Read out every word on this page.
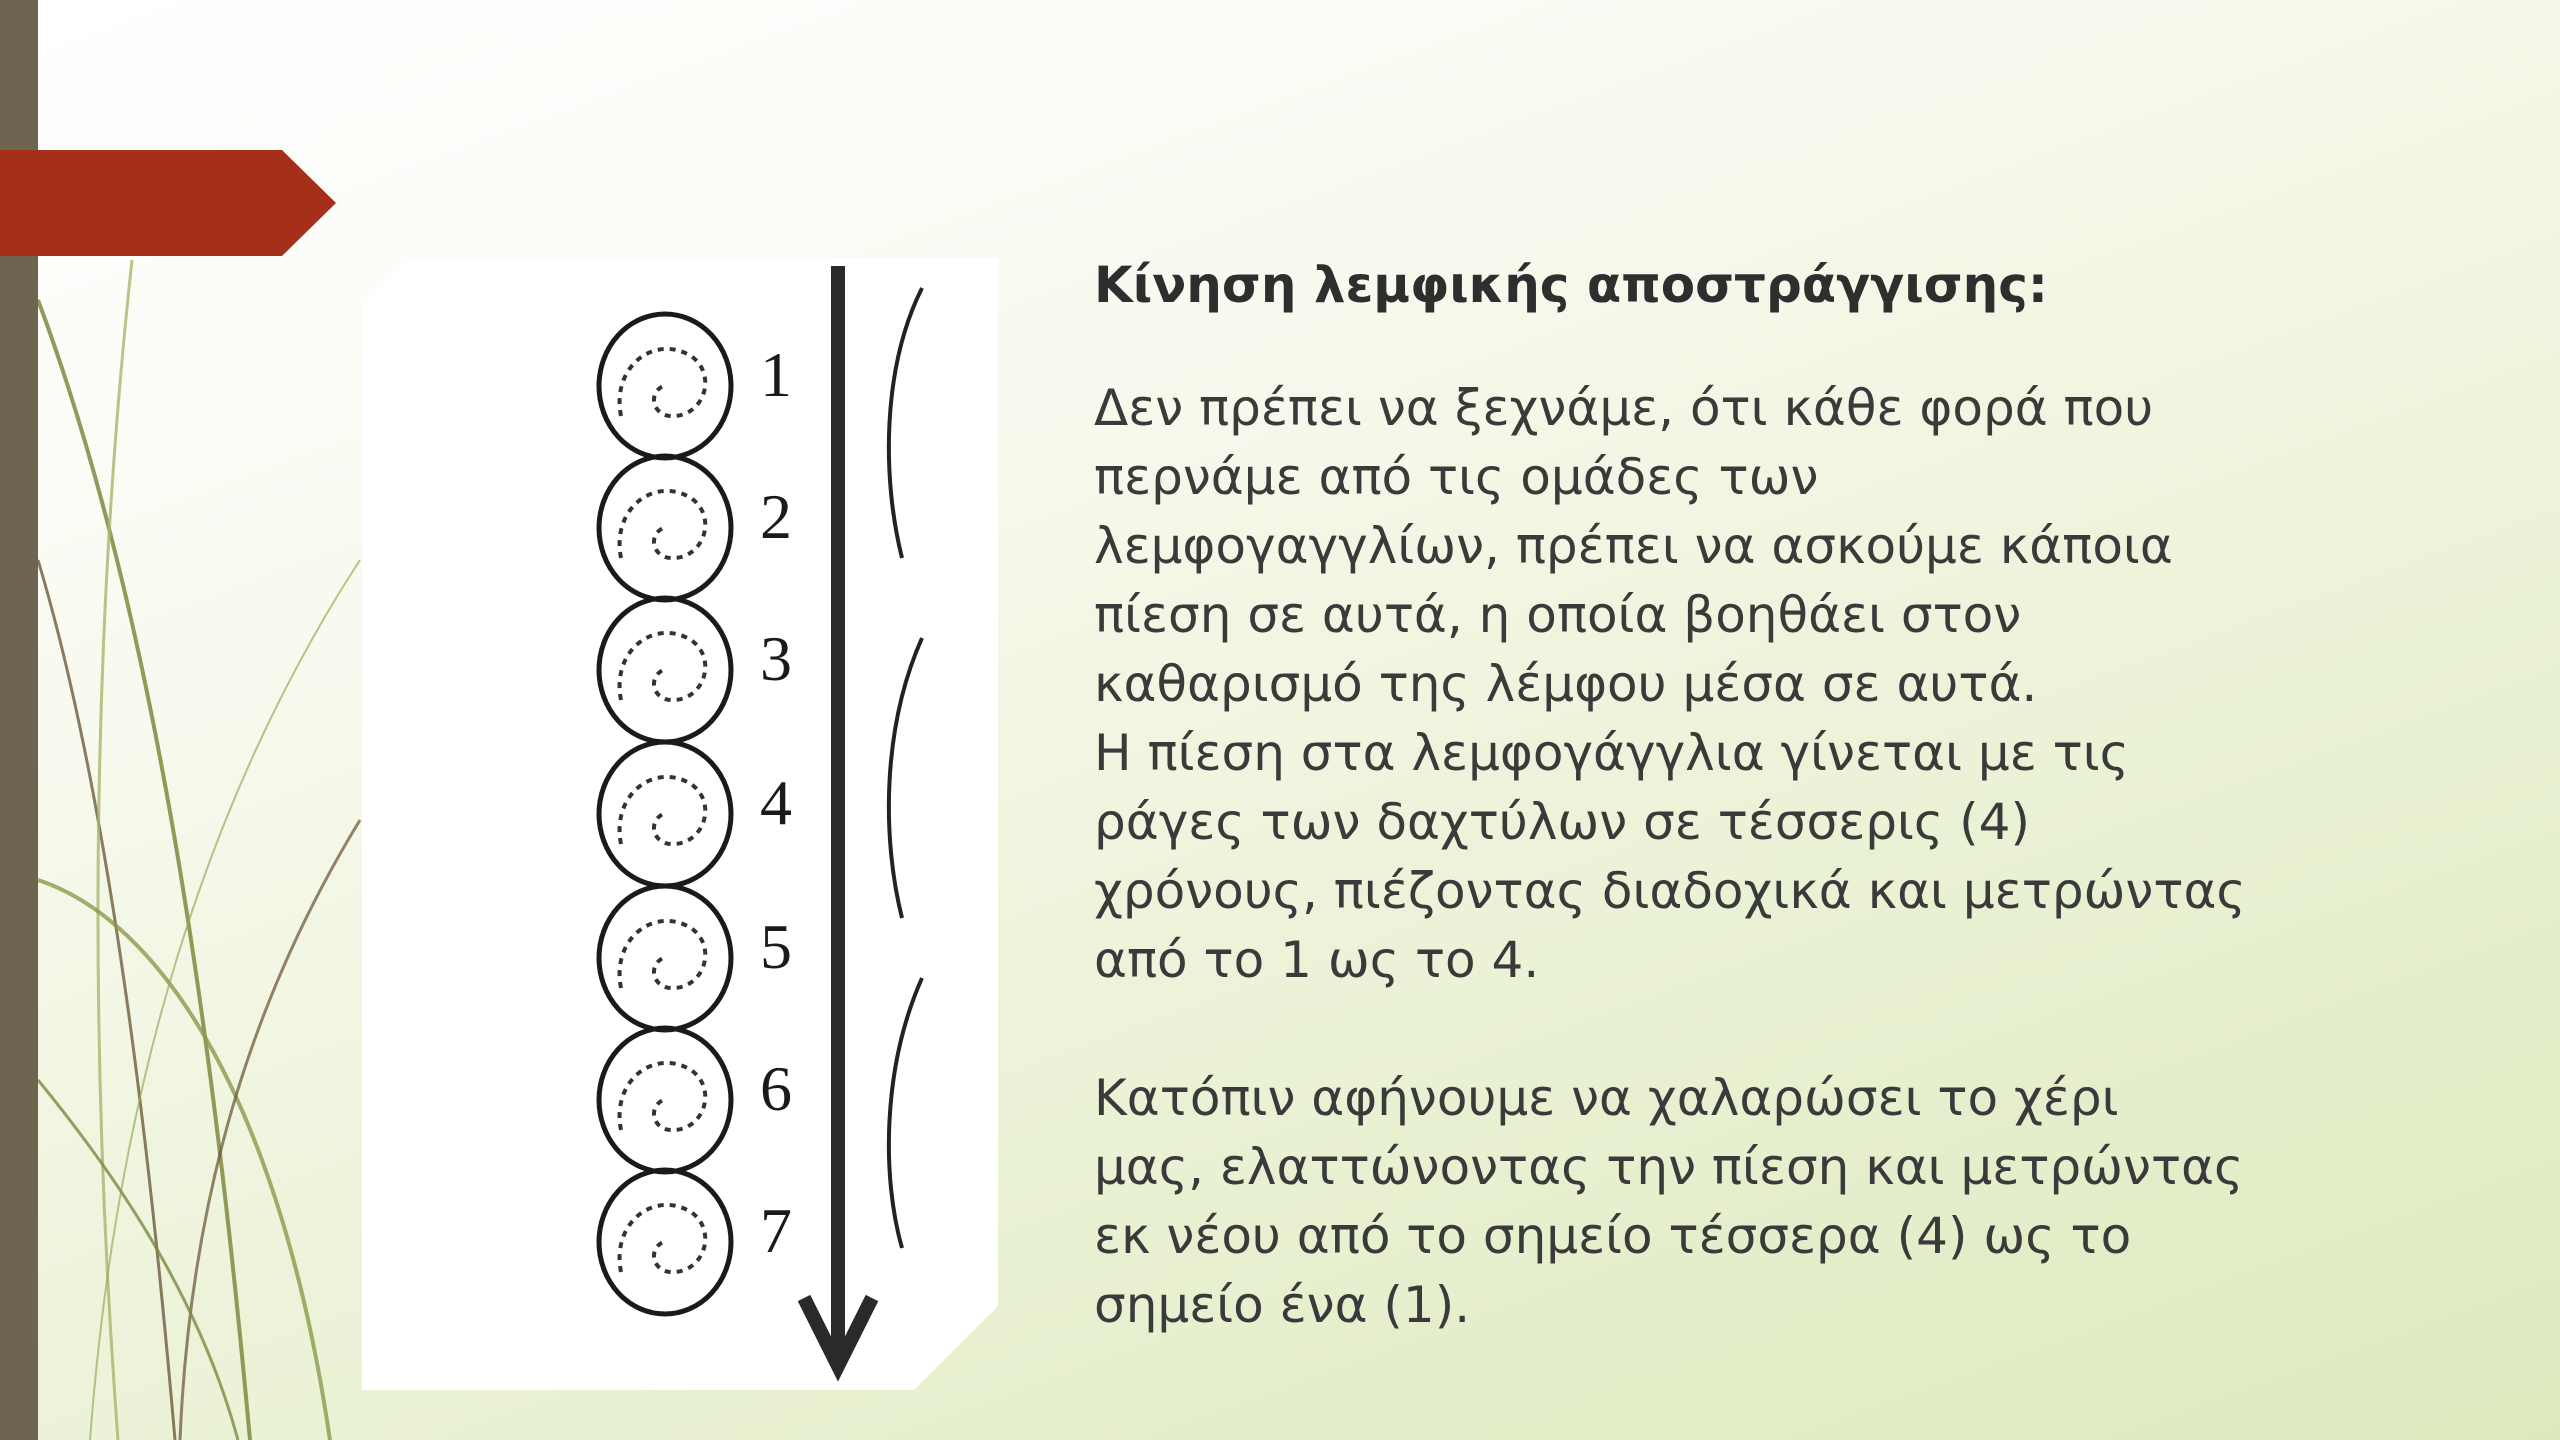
1
2
3
4
5
6
7
Κίνηση λεμφικής αποστράγγισης:

Δεν πρέπει να ξεχνάμε, ότι κάθε φορά που
περνάμε από τις ομάδες των
λεμφογαγγλίων, πρέπει να ασκούμε κάποια
πίεση σε αυτά, η οποία βοηθάει στον
καθαρισμό της λέμφου μέσα σε αυτά.
Η πίεση στα λεμφογάγγλια γίνεται με τις
ράγες των δαχτύλων σε τέσσερις (4)
χρόνους, πιέζοντας διαδοχικά και μετρώντας
από το 1 ως το 4.

Κατόπιν αφήνουμε να χαλαρώσει το χέρι
μας, ελαττώνοντας την πίεση και μετρώντας
εκ νέου από το σημείο τέσσερα (4) ως το
σημείο ένα (1).
